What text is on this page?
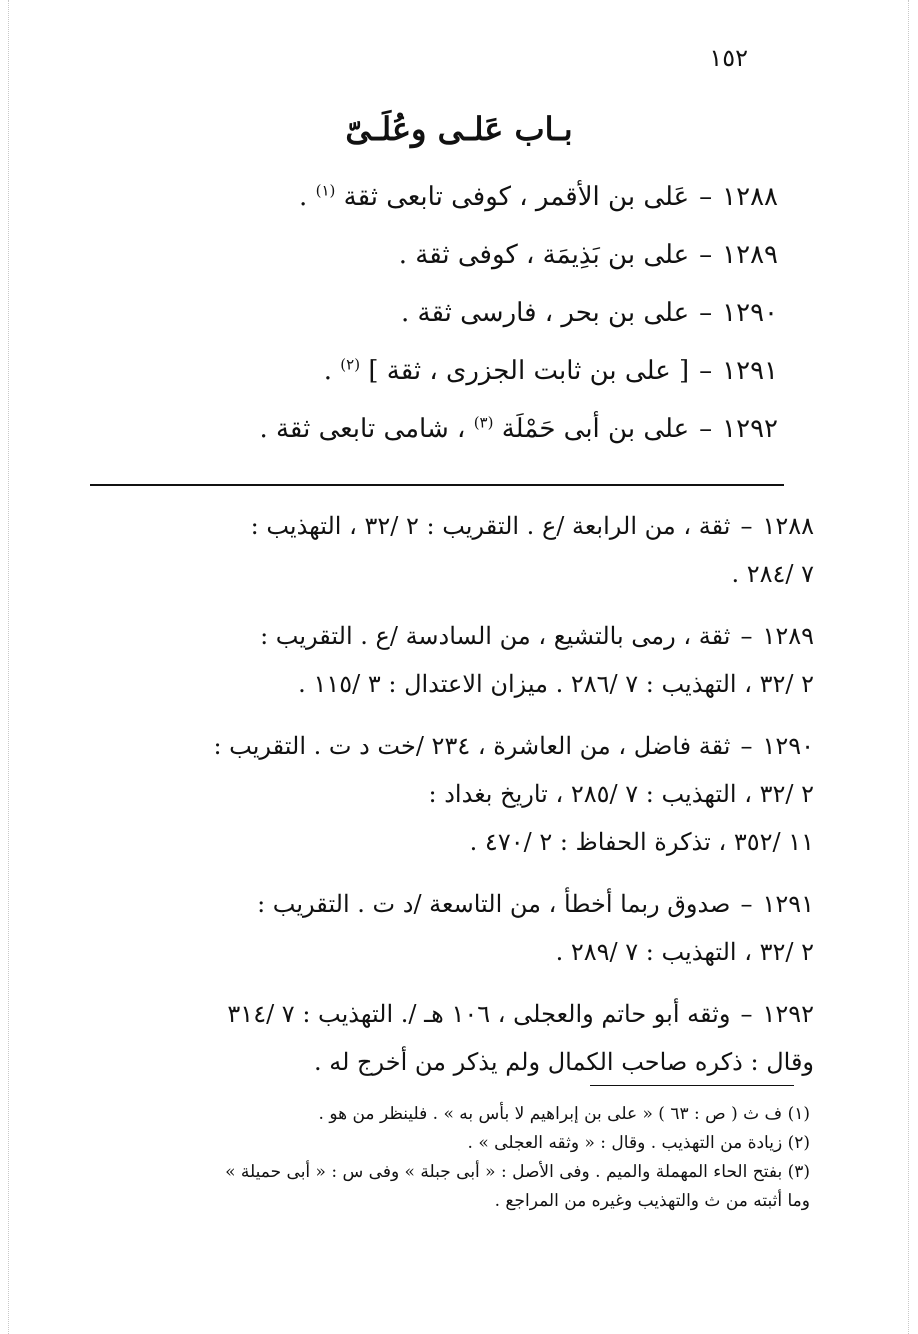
١٥٢
بـاب عَلـى وعُلَـىّ
١٢٨٨–عَلى بن الأقمر ، كوفى تابعى ثقة $^{(١)}$ .
١٢٨٩–على بن بَذِيمَة ، كوفى ثقة .
١٢٩٠–على بن بحر ، فارسى ثقة .
١٢٩١–[ على بن ثابت الجزرى ، ثقة ] $^{(٢)}$ .
١٢٩٢–على بن أبى حَمْلَة $^{(٣)}$ ، شامى تابعى ثقة .
١٢٨٨–ثقة ، من الرابعة /ع . التقريب : ٢ /٣٢ ، التهذيب :
٧ /٢٨٤ .
١٢٨٩–ثقة ، رمى بالتشيع ، من السادسة /ع . التقريب :
٢ /٣٢ ، التهذيب : ٧ /٢٨٦ . ميزان الاعتدال : ٣ /١١٥ .
١٢٩٠–ثقة فاضل ، من العاشرة ، ٢٣٤ /خت د ت . التقريب :
٢ /٣٢ ، التهذيب : ٧ /٢٨٥ ، تاريخ بغداد :
١١ /٣٥٢ ، تذكرة الحفاظ : ٢ /٤٧٠ .
١٢٩١–صدوق ربما أخطأ ، من التاسعة /د ت . التقريب :
٢ /٣٢ ، التهذيب : ٧ /٢٨٩ .
١٢٩٢–وثقه أبو حاتم والعجلى ، ١٠٦ هـ /. التهذيب : ٧ /٣١٤
وقال : ذكره صاحب الكمال ولم يذكر من أخرج له .
(١) ف ث ( ص : ٦٣ ) « على بن إبراهيم لا بأس به » . فلينظر من هو .
(٢) زيادة من التهذيب . وقال : « وثقه العجلى » .
(٣) بفتح الحاء المهملة والميم . وفى الأصل : « أبى جبلة » وفى س : « أبى حميلة »
وما أثبته من ث والتهذيب وغيره من المراجع .
